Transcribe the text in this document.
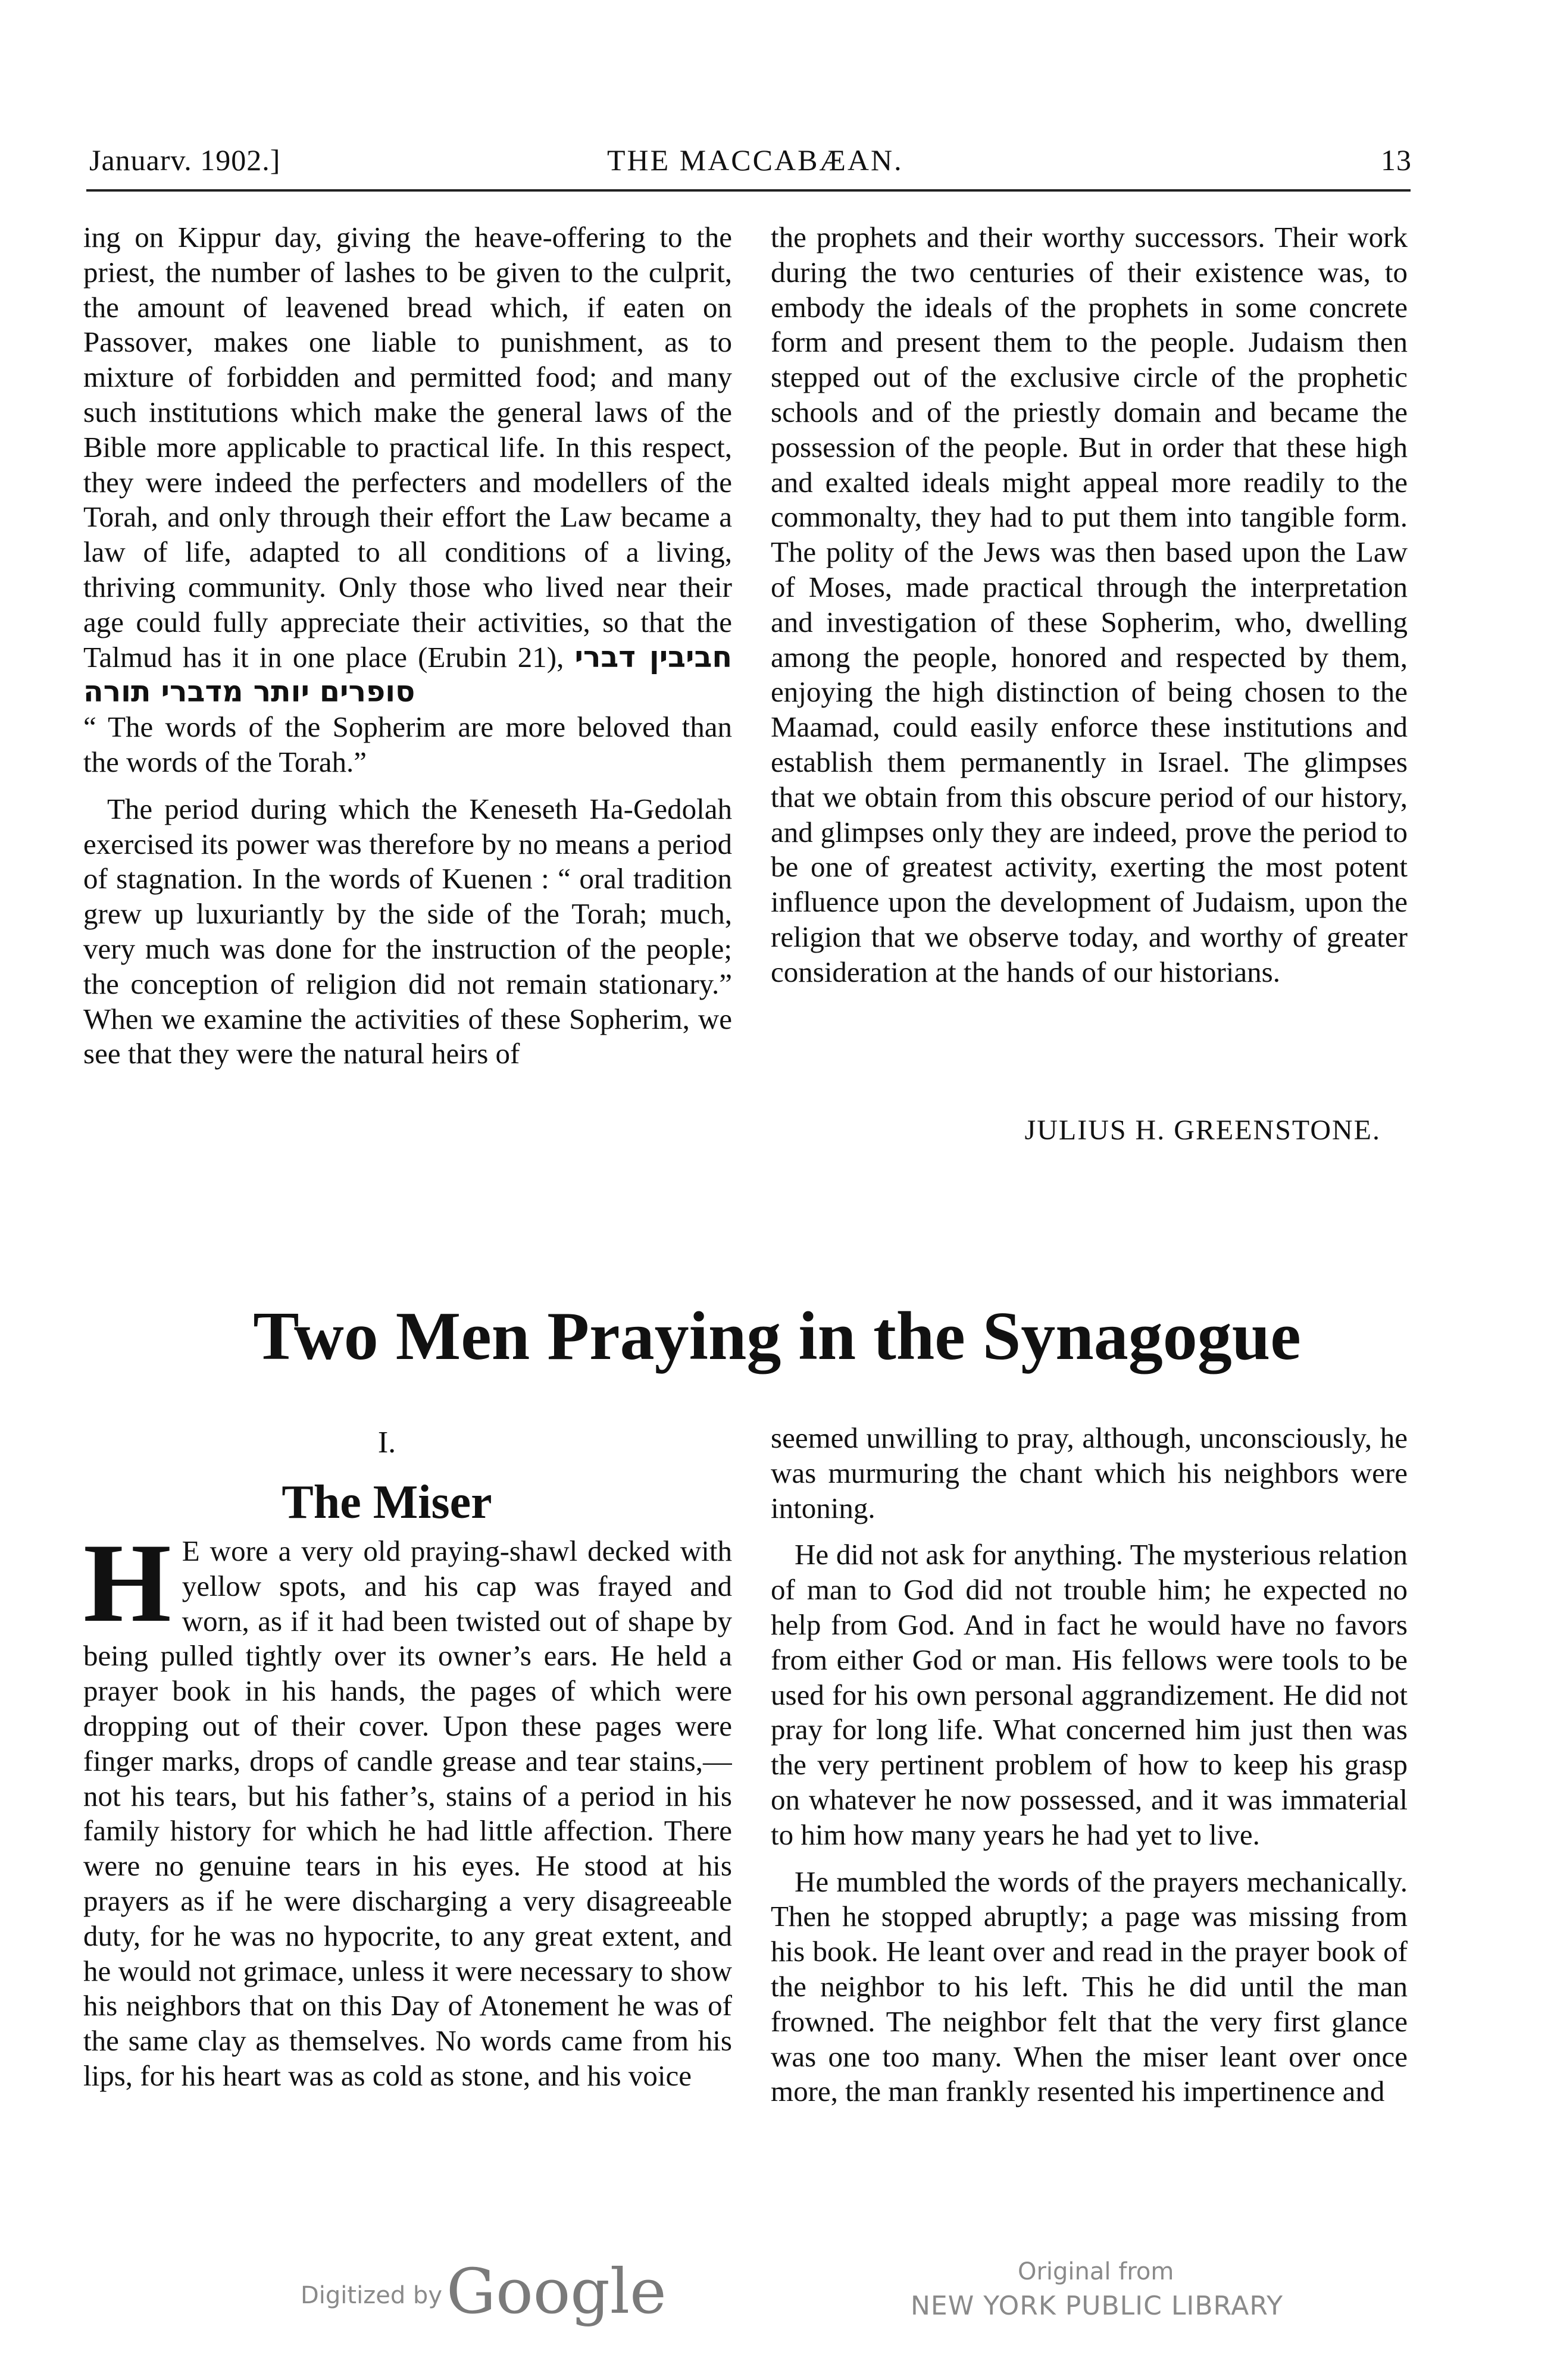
Januarv. 1902.]	THE MACCABÆAN.	13

ing on Kippur day, giving the heave-offering to the priest, the number of lashes to be given to the culprit, the amount of leavened bread which, if eaten on Passover, makes one liable to punishment, as to mixture of forbidden and permitted food; and many such institutions which make the general laws of the Bible more applicable to practical life. In this respect, they were indeed the perfecters and modellers of the Torah, and only through their effort the Law became a law of life, adapted to all conditions of a living, thriving community. Only those who lived near their age could fully appreciate their activities, so that the Talmud has it in one place (Erubin 21), חביבין דברי סופרים יותר מדברי תורה

“ The words of the Sopherim are more beloved than the words of the Torah.”

The period during which the Keneseth Ha-Gedolah exercised its power was therefore by no means a period of stagnation. In the words of Kuenen : “ oral tradition grew up luxuriantly by the side of the Torah; much, very much was done for the instruction of the people; the conception of religion did not remain stationary.” When we examine the activities of these Sopherim, we see that they were the natural heirs of

the prophets and their worthy successors. Their work during the two centuries of their existence was, to embody the ideals of the prophets in some concrete form and present them to the people. Judaism then stepped out of the exclusive circle of the prophetic schools and of the priestly domain and became the possession of the people. But in order that these high and exalted ideals might appeal more readily to the commonalty, they had to put them into tangible form. The polity of the Jews was then based upon the Law of Moses, made practical through the interpretation and investigation of these Sopherim, who, dwelling among the people, honored and respected by them, enjoying the high distinction of being chosen to the Maamad, could easily enforce these institutions and establish them permanently in Israel. The glimpses that we obtain from this obscure period of our history, and glimpses only they are indeed, prove the period to be one of greatest activity, exerting the most potent influence upon the development of Judaism, upon the religion that we observe today, and worthy of greater consideration at the hands of our historians.

JULIUS H. GREENSTONE.
Two Men Praying in the Synagogue
I.
The Miser

H E wore a very old praying-shawl decked with yellow spots, and his cap was frayed and worn, as if it had been twisted out of shape by being pulled tightly over its owner’s ears. He held a prayer book in his hands, the pages of which were dropping out of their cover. Upon these pages were finger marks, drops of candle grease and tear stains,—not his tears, but his father’s, stains of a period in his family history for which he had little affection. There were no genuine tears in his eyes. He stood at his prayers as if he were discharging a very disagreeable duty, for he was no hypocrite, to any great extent, and he would not grimace, unless it were necessary to show his neighbors that on this Day of Atonement he was of the same clay as themselves. No words came from his lips, for his heart was as cold as stone, and his voice

seemed unwilling to pray, although, unconsciously, he was murmuring the chant which his neighbors were intoning.

He did not ask for anything. The mysterious relation of man to God did not trouble him; he expected no help from God. And in fact he would have no favors from either God or man. His fellows were tools to be used for his own personal aggrandizement. He did not pray for long life. What concerned him just then was the very pertinent problem of how to keep his grasp on whatever he now possessed, and it was immaterial to him how many years he had yet to live.

He mumbled the words of the prayers mechanically. Then he stopped abruptly; a page was missing from his book. He leant over and read in the prayer book of the neighbor to his left. This he did until the man frowned. The neighbor felt that the very first glance was one too many. When the miser leant over once more, the man frankly resented his impertinence and

Digitized by Google	Original from
NEW YORK PUBLIC LIBRARY
